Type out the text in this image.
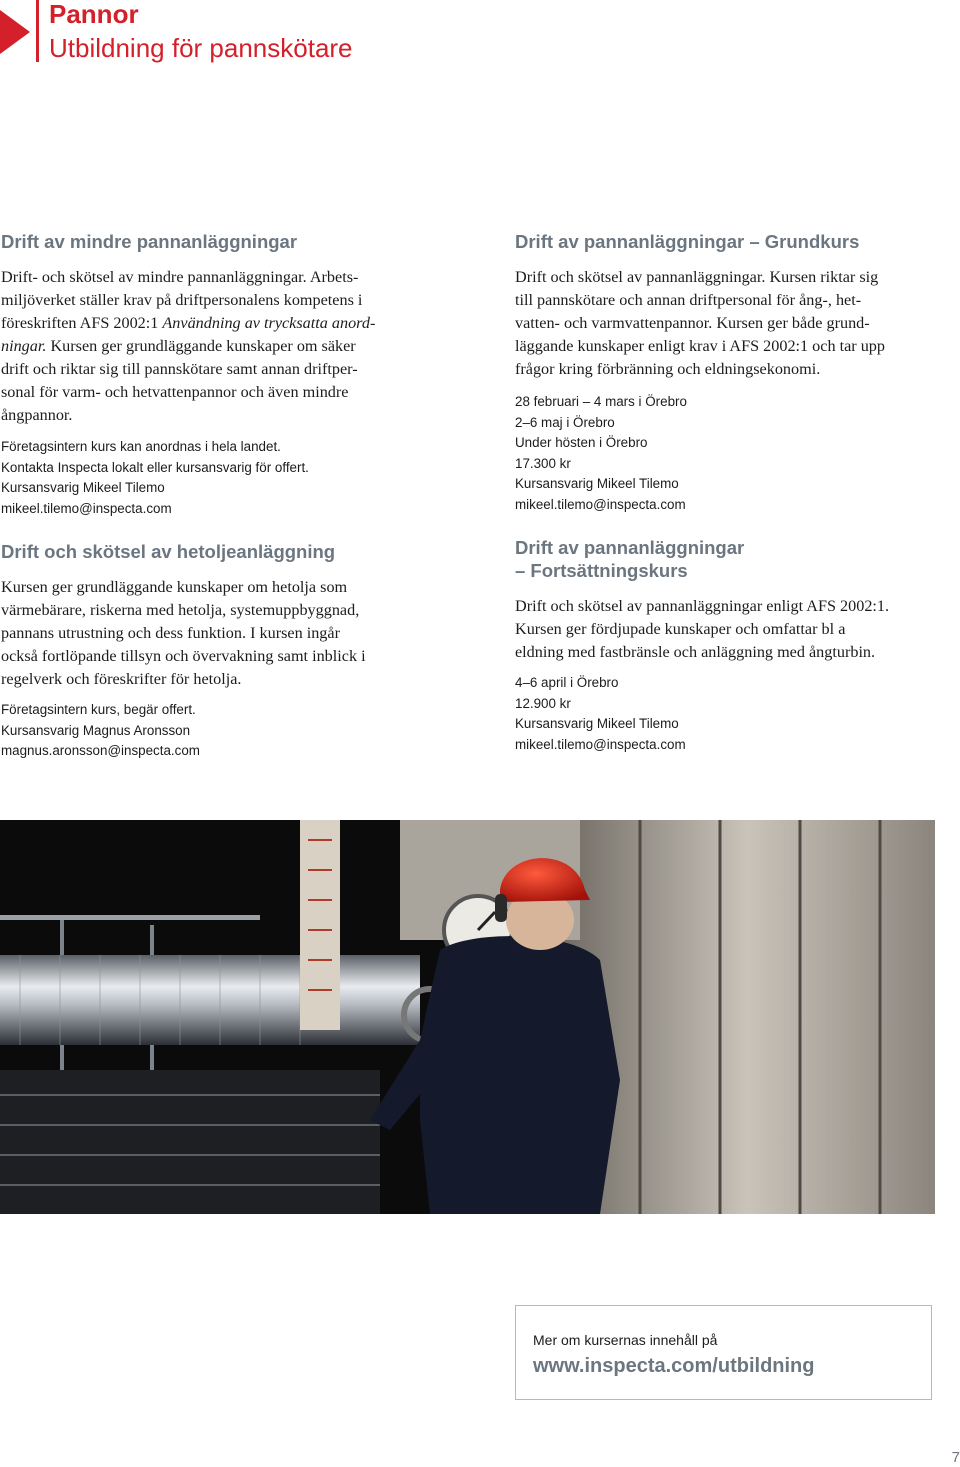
Pannor
Utbildning för pannskötare
Drift av mindre pannanläggningar

Drift- och skötsel av mindre pannanläggningar. Arbets-
miljöverket ställer krav på driftpersonalens kompetens i
föreskriften AFS 2002:1 Användning av trycksatta anord-
ningar. Kursen ger grundläggande kunskaper om säker
drift och riktar sig till pannskötare samt annan driftper-
sonal för varm- och hetvattenpannor och även mindre
ångpannor.

Företagsintern kurs kan anordnas i hela landet.
Kontakta Inspecta lokalt eller kursansvarig för offert.
Kursansvarig Mikeel Tilemo
mikeel.tilemo@inspecta.com
Drift och skötsel av hetoljeanläggning

Kursen ger grundläggande kunskaper om hetolja som
värmebärare, riskerna med hetolja, systemuppbyggnad,
pannans utrustning och dess funktion. I kursen ingår
också fortlöpande tillsyn och övervakning samt inblick i
regelverk och föreskrifter för hetolja.

Företagsintern kurs, begär offert.
Kursansvarig Magnus Aronsson
magnus.aronsson@inspecta.com
Drift av pannanläggningar – Grundkurs

Drift och skötsel av pannanläggningar. Kursen riktar sig
till pannskötare och annan driftpersonal för ång-, het-
vatten- och varmvattenpannor. Kursen ger både grund-
läggande kunskaper enligt krav i AFS 2002:1 och tar upp
frågor kring förbränning och eldningsekonomi.

28 februari – 4 mars i Örebro
2–6 maj i Örebro
Under hösten i Örebro
17.300 kr
Kursansvarig Mikeel Tilemo
mikeel.tilemo@inspecta.com
Drift av pannanläggningar
– Fortsättningskurs

Drift och skötsel av pannanläggningar enligt AFS 2002:1.
Kursen ger fördjupade kunskaper och omfattar bl a
eldning med fastbränsle och anläggning med ångturbin.

4–6 april i Örebro
12.900 kr
Kursansvarig Mikeel Tilemo
mikeel.tilemo@inspecta.com
Mer om kursernas innehåll på
www.inspecta.com/utbildning
7
